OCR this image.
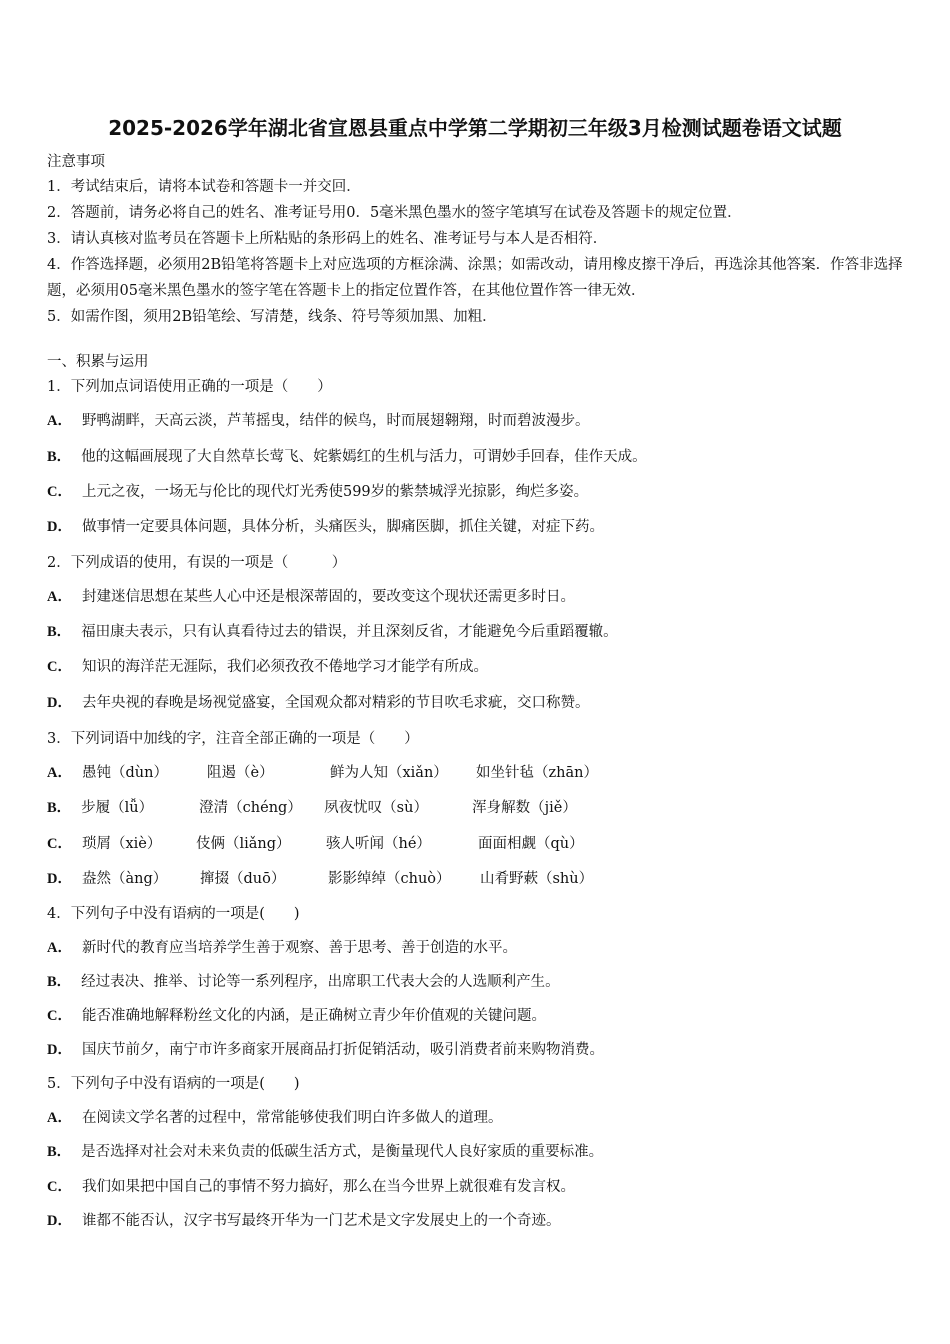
2025-2026学年湖北省宣恩县重点中学第二学期初三年级3月检测试题卷语文试题
注意事项

1．考试结束后，请将本试卷和答题卡一并交回．

2．答题前，请务必将自己的姓名、准考证号用0．5毫米黑色墨水的签字笔填写在试卷及答题卡的规定位置．

3．请认真核对监考员在答题卡上所粘贴的条形码上的姓名、准考证号与本人是否相符．

4．作答选择题，必须用2B铅笔将答题卡上对应选项的方框涂满、涂黑；如需改动，请用橡皮擦干净后，再选涂其他答案．作答非选择题，必须用05毫米黑色墨水的签字笔在答题卡上的指定位置作答，在其他位置作答一律无效．

5．如需作图，须用2B铅笔绘、写清楚，线条、符号等须加黑、加粗．

一、积累与运用
1．下列加点词语使用正确的一项是（　　）
A． 野鸭湖畔，天高云淡，芦苇摇曳，结伴的候鸟，时而展翅翱翔，时而碧波漫步。
B． 他的这幅画展现了大自然草长莺飞、姹紫嫣红的生机与活力，可谓妙手回春，佳作天成。
C． 上元之夜，一场无与伦比的现代灯光秀使599岁的紫禁城浮光掠影，绚烂多姿。
D． 做事情一定要具体问题，具体分析，头痛医头，脚痛医脚，抓住关键，对症下药。
2．下列成语的使用，有误的一项是（　　　）
A． 封建迷信思想在某些人心中还是根深蒂固的，要改变这个现状还需更多时日。
B． 福田康夫表示，只有认真看待过去的错误，并且深刻反省，才能避免今后重蹈覆辙。
C． 知识的海洋茫无涯际，我们必须孜孜不倦地学习才能学有所成。
D． 去年央视的春晚是场视觉盛宴，全国观众都对精彩的节目吹毛求疵，交口称赞。
3．下列词语中加线的字，注音全部正确的一项是（　　）
A． 愚钝（dùn）	阻遏（è）	鲜为人知（xiǎn） 如坐针毡（zhān）
B． 步履（lǚ）	澄清（chéng） 夙夜忧叹（sù）	浑身解数（jiě）
C． 琐屑（xiè） 伎俩（liǎng） 骇人听闻（hé）	面面相觑（qù）
D． 盎然（àng） 撺掇（duō）	影影绰绰（chuò） 山肴野蔌（shù）
4．下列句子中没有语病的一项是(　　)
A． 新时代的教育应当培养学生善于观察、善于思考、善于创造的水平。
B． 经过表决、推举、讨论等一系列程序，出席职工代表大会的人选顺利产生。
C． 能否准确地解释粉丝文化的内涵，是正确树立青少年价值观的关键问题。
D． 国庆节前夕，南宁市许多商家开展商品打折促销活动，吸引消费者前来购物消费。
5．下列句子中没有语病的一项是(　　)
A． 在阅读文学名著的过程中，常常能够使我们明白许多做人的道理。
B． 是否选择对社会对未来负责的低碳生活方式，是衡量现代人良好家质的重要标准。
C． 我们如果把中国自己的事情不努力搞好，那么在当今世界上就很难有发言权。
D． 谁都不能否认，汉字书写最终开华为一门艺术是文字发展史上的一个奇迹。
